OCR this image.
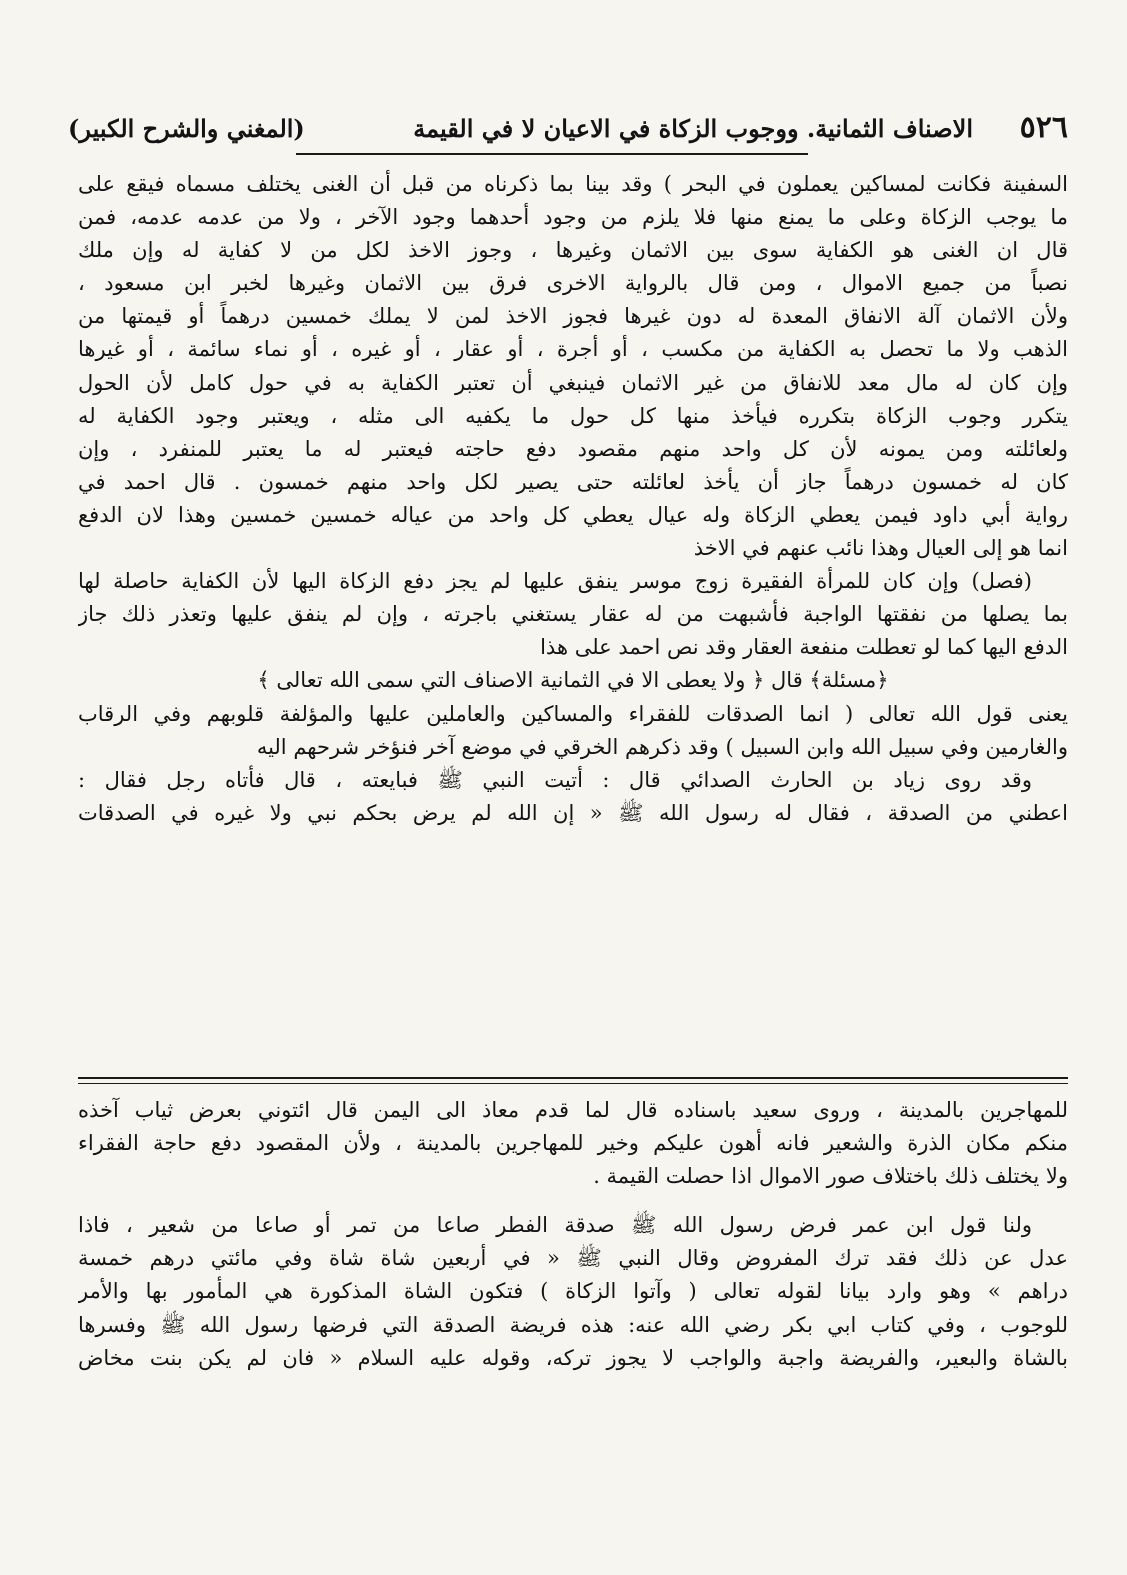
٥٢٦
الاصناف الثمانية. ووجوب الزكاة في الاعيان لا في القيمة
(المغني والشرح الكبير)
السفينة فكانت لمساكين يعملون في البحر ) وقد بينا بما ذكرناه من قبل أن الغنى يختلف مسماه فيقع على
ما يوجب الزكاة وعلى ما يمنع منها فلا يلزم من وجود أحدهما وجود الآخر ، ولا من عدمه عدمه، فمن
قال ان الغنى هو الكفاية سوى بين الاثمان وغيرها ، وجوز الاخذ لكل من لا كفاية له وإن ملك
نصباً من جميع الاموال ، ومن قال بالرواية الاخرى فرق بين الاثمان وغيرها لخبر ابن مسعود ،
ولأن الاثمان آلة الانفاق المعدة له دون غيرها فجوز الاخذ لمن لا يملك خمسين درهماً أو قيمتها من
الذهب ولا ما تحصل به الكفاية من مكسب ، أو أجرة ، أو عقار ، أو غيره ، أو نماء سائمة ، أو غيرها
وإن كان له مال معد للانفاق من غير الاثمان فينبغي أن تعتبر الكفاية به في حول كامل لأن الحول
يتكرر وجوب الزكاة بتكرره فيأخذ منها كل حول ما يكفيه الى مثله ، ويعتبر وجود الكفاية له
ولعائلته ومن يمونه لأن كل واحد منهم مقصود دفع حاجته فيعتبر له ما يعتبر للمنفرد ، وإن
كان له خمسون درهماً جاز أن يأخذ لعائلته حتى يصير لكل واحد منهم خمسون . قال احمد في
رواية أبي داود فيمن يعطي الزكاة وله عيال يعطي كل واحد من عياله خمسين خمسين وهذا لان الدفع
انما هو إلى العيال وهذا نائب عنهم في الاخذ
(فصل) وإن كان للمرأة الفقيرة زوج موسر ينفق عليها لم يجز دفع الزكاة اليها لأن الكفاية حاصلة لها
بما يصلها من نفقتها الواجبة فأشبهت من له عقار يستغني باجرته ، وإن لم ينفق عليها وتعذر ذلك جاز
الدفع اليها كما لو تعطلت منفعة العقار وقد نص احمد على هذا
﴿مسئلة﴾ قال ﴿ ولا يعطى الا في الثمانية الاصناف التي سمى الله تعالى ﴾
يعنى قول الله تعالى ( انما الصدقات للفقراء والمساكين والعاملين عليها والمؤلفة قلوبهم وفي الرقاب
والغارمين وفي سبيل الله وابن السبيل ) وقد ذكرهم الخرقي في موضع آخر فنؤخر شرحهم اليه
وقد روى زياد بن الحارث الصدائي قال : أتيت النبي ﷺ فبايعته ، قال فأتاه رجل فقال :
اعطني من الصدقة ، فقال له رسول الله ﷺ « إن الله لم يرض بحكم نبي ولا غيره في الصدقات
للمهاجرين بالمدينة ، وروى سعيد باسناده قال لما قدم معاذ الى اليمن قال ائتوني بعرض ثياب آخذه
منكم مكان الذرة والشعير فانه أهون عليكم وخير للمهاجرين بالمدينة ، ولأن المقصود دفع حاجة الفقراء
ولا يختلف ذلك باختلاف صور الاموال اذا حصلت القيمة .
ولنا قول ابن عمر فرض رسول الله ﷺ صدقة الفطر صاعا من تمر أو صاعا من شعير ، فاذا
عدل عن ذلك فقد ترك المفروض وقال النبي ﷺ « في أربعين شاة شاة وفي مائتي درهم خمسة
دراهم » وهو وارد بيانا لقوله تعالى ( وآتوا الزكاة ) فتكون الشاة المذكورة هي المأمور بها والأمر
للوجوب ، وفي كتاب ابي بكر رضي الله عنه: هذه فريضة الصدقة التي فرضها رسول الله ﷺ وفسرها
بالشاة والبعير، والفريضة واجبة والواجب لا يجوز تركه، وقوله عليه السلام « فان لم يكن بنت مخاض
